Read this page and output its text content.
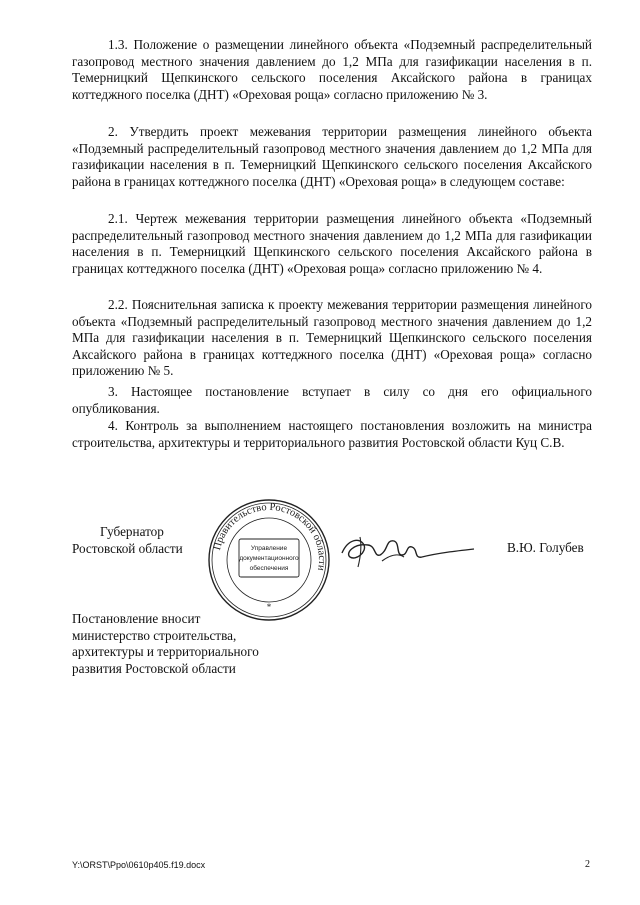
1.3. Положение о размещении линейного объекта «Подземный распределительный газопровод местного значения давлением до 1,2 МПа для газификации населения в п. Темерницкий Щепкинского сельского поселения Аксайского района в границах коттеджного поселка (ДНТ) «Ореховая роща» согласно приложению № 3.

2. Утвердить проект межевания территории размещения линейного объекта «Подземный распределительный газопровод местного значения давлением до 1,2 МПа для газификации населения в п. Темерницкий Щепкинского сельского поселения Аксайского района в границах коттеджного поселка (ДНТ) «Ореховая роща» в следующем составе:

2.1. Чертеж межевания территории размещения линейного объекта «Подземный распределительный газопровод местного значения давлением до 1,2 МПа для газификации населения в п. Темерницкий Щепкинского сельского поселения Аксайского района в границах коттеджного поселка (ДНТ) «Ореховая роща» согласно приложению № 4.

2.2. Пояснительная записка к проекту межевания территории размещения линейного объекта «Подземный распределительный газопровод местного значения давлением до 1,2 МПа для газификации населения в п. Темерницкий Щепкинского сельского поселения Аксайского района в границах коттеджного поселка (ДНТ) «Ореховая роща» согласно приложению № 5.

3. Настоящее постановление вступает в силу со дня его официального опубликования.

4. Контроль за выполнением настоящего постановления возложить на министра строительства, архитектуры и территориального развития Ростовской области Куц С.В.

Губернатор
Ростовской области	Правительство Ростовской области
*
Управление
документационного
обеспечения
В.Ю. Голубев
Постановление вносит
министерство строительства,
архитектуры и территориального
развития Ростовской области
Y:\ORST\Ppo\0610p405.f19.docx	2
